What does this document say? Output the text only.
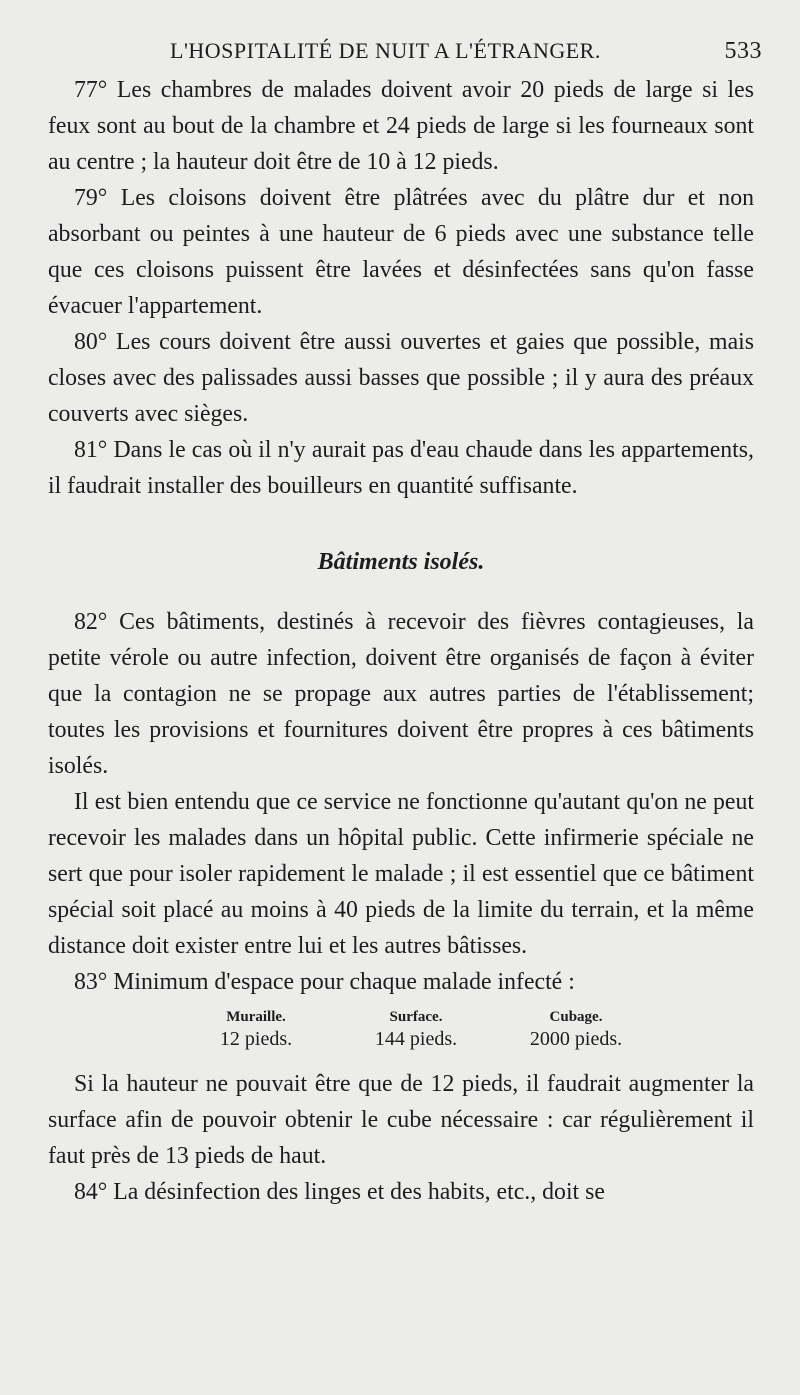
L'HOSPITALITÉ DE NUIT A L'ÉTRANGER.	533

77° Les chambres de malades doivent avoir 20 pieds de large si les feux sont au bout de la chambre et 24 pieds de large si les fourneaux sont au centre ; la hauteur doit être de 10 à 12 pieds.

79° Les cloisons doivent être plâtrées avec du plâtre dur et non absorbant ou peintes à une hauteur de 6 pieds avec une substance telle que ces cloisons puissent être lavées et désinfectées sans qu'on fasse évacuer l'appartement.

80° Les cours doivent être aussi ouvertes et gaies que possible, mais closes avec des palissades aussi basses que possible ; il y aura des préaux couverts avec sièges.

81° Dans le cas où il n'y aurait pas d'eau chaude dans les appartements, il faudrait installer des bouilleurs en quantité suffisante.

Bâtiments isolés.

82° Ces bâtiments, destinés à recevoir des fièvres contagieuses, la petite vérole ou autre infection, doivent être organisés de façon à éviter que la contagion ne se propage aux autres parties de l'établissement; toutes les provisions et fournitures doivent être propres à ces bâtiments isolés.

Il est bien entendu que ce service ne fonctionne qu'autant qu'on ne peut recevoir les malades dans un hôpital public. Cette infirmerie spéciale ne sert que pour isoler rapidement le malade ; il est essentiel que ce bâtiment spécial soit placé au moins à 40 pieds de la limite du terrain, et la même distance doit exister entre lui et les autres bâtisses.

83° Minimum d'espace pour chaque malade infecté :

Muraille.
12 pieds.
Surface.
144 pieds.
Cubage.
2000 pieds.

Si la hauteur ne pouvait être que de 12 pieds, il faudrait augmenter la surface afin de pouvoir obtenir le cube nécessaire : car régulièrement il faut près de 13 pieds de haut.

84° La désinfection des linges et des habits, etc., doit se
